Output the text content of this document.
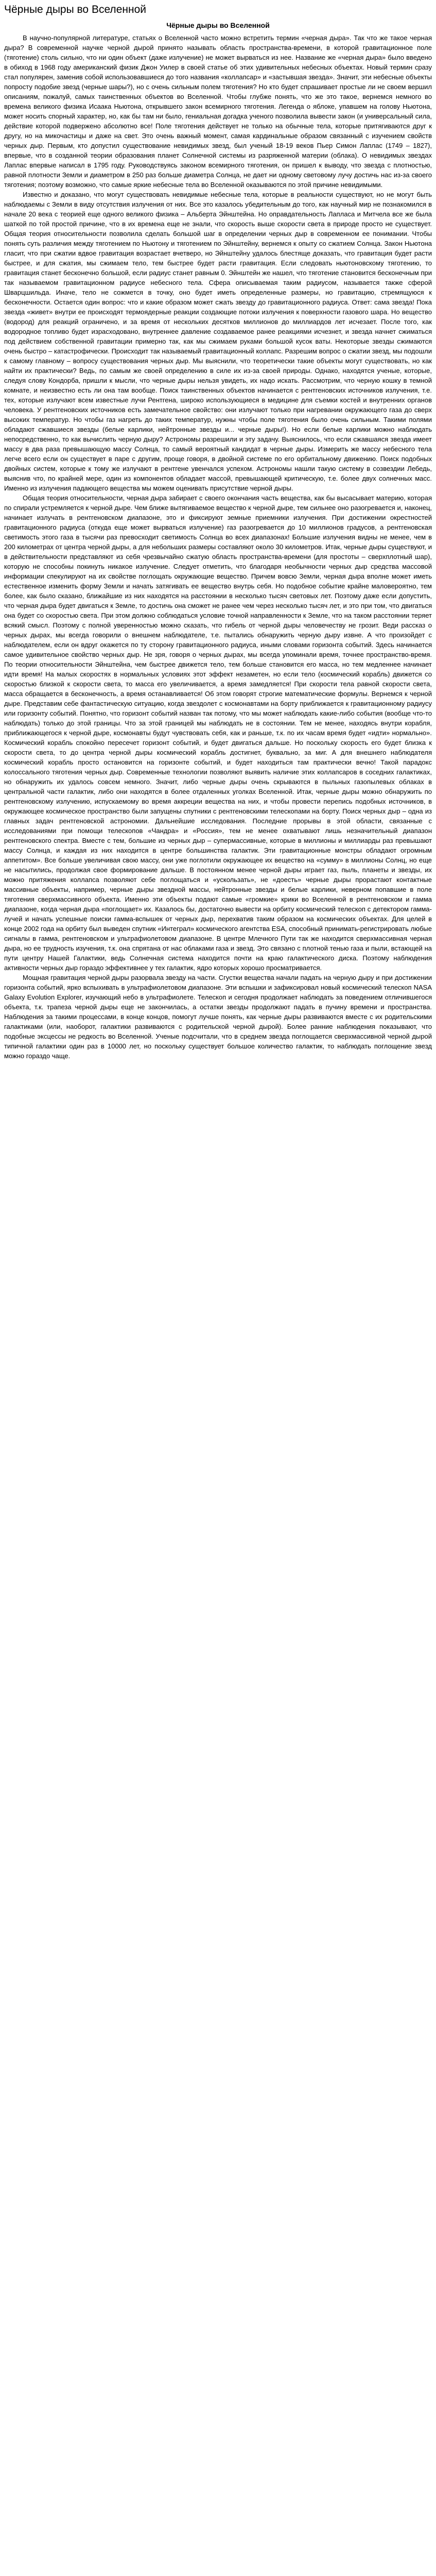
Чёрные дыры во Вселенной
Чёрные дыры во Вселенной

В научно-популярной литературе, статьях о Вселенной часто можно встретить термин «черная дыра». Так что же такое черная дыра? В современной научке черной дырой принято называть область пространства-времени, в которой гравитационное поле (тяготение) столь сильно, что ни один объект (даже излучение) не может вырваться из нее. Название же «черная дыра» было введено в обиход в 1968 году американский физик Джон Уилер в своей статье об этих удивительных небесных объектах. Новый термин сразу стал популярен, заменив собой использовавшиеся до того названия «коллапсар» и «застывшая звезда». Значит, эти небесные объекты попросту подобие звезд (черные шары?), но с очень сильным полем тяготения? Но кто будет спрашивает простые ли не своем вершил описаниям, пожалуй, самых таинственных объектов во Вселенной. Чтобы глубже понять, что же это такое, вернемся немного во времена великого физика Исаака Ньютона, открывшего закон всемирного тяготения. Легенда о яблоке, упавшем на голову Ньютона, может носить спорный характер, но, как бы там ни было, гениальная догадка ученого позволила вывести закон (и универсальный сила, действие которой подвержено абсолютно все! Поле тяготения действует не только на обычные тела, которые притягиваются друг к другу, но на микочастицы и даже на свет. Это очень важный момент, самая кардинальные образом связанный с изучением свойств черных дыр. Первым, кто допустил существование невидимых звезд, был ученый 18-19 веков Пьер Симон Лаплас (1749 – 1827), впервые, что в созданной теории образования планет Солнечной системы из разряженной материи (облака). О невидимых звездах Лаплас впервые написал в 1795 году. Руководствуясь законом всемирного тяготения, он пришел к выводу, что звезда с плотностью, равной плотности Земли и диаметром в 250 раз больше диаметра Солнца, не дает ни одному световому лучу достичь нас из-за своего тяготения; поэтому возможно, что самые яркие небесные тела во Вселенной оказываются по этой причине невидимыми.

Известно и доказано, что могут существовать невидимые небесные тела, которые в реальности существуют, но не могут быть наблюдаемы с Земли в виду отсутствия излучения от них. Все это казалось убедительным до того, как научный мир не познакомился в начале 20 века с теорией еще одного великого физика – Альберта Эйнштейна. Но оправдательность Лапласа и Митчела все же была шаткой по той простой причине, что в их времена еще не знали, что скорость выше скорости света в природе просто не существует. Общая теория относительности позволила сделать большой шаг в определении черных дыр в современном ее понимании. Чтобы понять суть различия между тяготением по Ньютону и тяготением по Эйнштейну, вернемся к опыту со сжатием Солнца. Закон Ньютона гласит, что при сжатии вдвое гравитация возрастает вчетверо, но Эйнштейну удалось блестяще доказать, что гравитация будет расти быстрее, и для сжатия, мы сжимаем тело, тем быстрее будет расти гравитация. Если следовать ньютоновскому тяготению, то гравитация станет бесконечно большой, если радиус станет равным 0. Эйнштейн же нашел, что тяготение становится бесконечным при так называемом гравитационном радиусе небесного тела. Сфера описываемая таким радиусом, называется также сферой Шварцшильда. Иначе, тело не сожмется в точку, оно будет иметь определенные размеры, но гравитацию, стремящуюся к бесконечности. Остается один вопрос: что и какие образом может сжать звезду до гравитационного радиуса. Ответ: сама звезда! Пока звезда «живет» внутри ее происходят термоядерные реакции создающие потоки излучения к поверхности газового шара. Но вещество (водород) для реакций ограничено, и за время от нескольких десятков миллионов до миллиардов лет исчезает. После того, как водородное топливо будет израсходовано, внутреннее давление создаваемое ранее реакциями исчезнет, и звезда начнет сжиматься под действием собственной гравитации примерно так, как мы сжимаем руками большой кусок ваты. Некоторые звезды сжимаются очень быстро – катастрофически. Происходит так называемый гравитационный коллапс. Разрешим вопрос о сжатии звезд, мы подошли к самому главному – вопросу существования черных дыр. Мы выяснили, что теоретически такие объекты могут существовать, но как найти их практически? Ведь, по самым же своей определению в силе их из-за своей природы. Однако, находятся ученые, которые, следуя слову Кондорба, пришли к мысли, что черные дыры нельзя увидеть, их надо искать. Рассмотрим, что черную кошку в темной комнате, и неизвестно есть ли она там вообще. Поиск таинственных объектов начинается с рентгеновских источников излучения, т.е. тех, которые излучают всем известные лучи Рентгена, широко использующиеся в медицине для съемки костей и внутренних органов человека. У рентгеновских источников есть замечательное свойство: они излучают только при нагревании окружающего газа до сверх высоких температур. Но чтобы газ нагреть до таких температур, нужны чтобы поле тяготения было очень сильным. Такими полями обладают сжавшиеся звезды (белые карлики, нейтронные звезды и... черные дыры!). Но если белые карлики можно наблюдать непосредственно, то как вычислить черную дыру? Астрономы разрешили и эту задачу. Выяснилось, что если сжавшаяся звезда имеет массу в два раза превышающую массу Солнца, то самый вероятный кандидат в черные дыры. Измерить же массу небесного тела легче всего если он существует в паре с другим, проще говоря, в двойной системе по его орбитальному движению. Поиск подобных двойных систем, которые к тому же излучают в рентгене увенчался успехом. Астрономы нашли такую систему в созвездии Лебедь, выяснив что, по крайней мере, один из компонентов обладает массой, превышающей критическую, т.е. более двух солнечных масс. Именно из излучения падающего вещества мы можем оценивать присутствие черной дыры.

Общая теория относительности, черная дыра забирает с своего окончания часть вещества, как бы высасывает материю, которая по спирали устремляется к черной дыре. Чем ближе вытягиваемое вещество к черной дыре, тем сильнее оно разогревается и, наконец, начинает излучать в рентгеновском диапазоне, это и фиксируют земные приемники излучения. При достижении окрестностей гравитационного радиуса (откуда еще может вырваться излучение) газ разогревается до 10 миллионов градусов, а рентгеновская светимость этого газа в тысячи раз превосходит светимость Солнца во всех диапазонах! Большие излучения видны не менее, чем в 200 километрах от центра черной дыры, а для небольших размеры составляют около 30 километров. Итак, черные дыры существуют, и в действительности представляют из себя чрезвычайно сжатую область пространства-времени (для простоты – сверхплотный шар), которую не способны покинуть никакое излучение. Следует отметить, что благодаря необычности черных дыр средства массовой информации спекулируют на их свойстве поглощать окружающие вещество. Причем вовсю Земли, черная дыра вполне может иметь естественное изменить форму Земли и начать затягивать ее вещество внутрь себя. Но подобное событие крайне маловероятно, тем более, как было сказано, ближайшие из них находятся на расстоянии в несколько тысяч световых лет. Поэтому даже если допустить, что черная дыра будет двигаться к Земле, то достичь она сможет не ранее чем через несколько тысяч лет, и это при том, что двигаться она будет со скоростью света. При этом должно соблюдаться условие точной направленности к Земле, что на таком расстоянии теряет всякий смысл. Поэтому с полной уверенностью можно сказать, что гибель от черной дыры человечеству не грозит. Веди рассказ о черных дырах, мы всегда говорили о внешнем наблюдателе, т.е. пытались обнаружить черную дыру извне. А что произойдет с наблюдателем, если он вдруг окажется по ту сторону гравитационного радиуса, иными словами горизонта событий. Здесь начинается самое удивительное свойство черных дыр. Не зря, говоря о черных дырах, мы всегда упоминали время, точнее пространство-время. По теории относительности Эйнштейна, чем быстрее движется тело, тем больше становится его масса, но тем медленнее начинает идти время! На малых скоростях в нормальных условиях этот эффект незаметен, но если тело (космический корабль) движется со скоростью близкой к скорости света, то масса его увеличивается, а время замедляется! При скорости тела равной скорости света, масса обращается в бесконечность, а время останавливается! Об этом говорят строгие математические формулы. Вернемся к черной дыре. Представим себе фантастическую ситуацию, когда звездолет с космонавтами на борту приближается к гравитационному радиусу или горизонту событий. Понятно, что горизонт событий назван так потому, что мы может наблюдать какие-либо события (вообще что-то наблюдать) только до этой границы. Что за этой границей мы наблюдать не в состоянии. Тем не менее, находясь внутри корабля, приближающегося к черной дыре, космонавты будут чувствовать себя, как и раньше, т.к. по их часам время будет «идти» нормально». Космический корабль спокойно пересечет горизонт событий, и будет двигаться дальше. Но поскольку скорость его будет близка к скорости света, то до центра черной дыры космический корабль достигнет, буквально, за миг. А для внешнего наблюдателя космический корабль просто остановится на горизонте событий, и будет находиться там практически вечно! Такой парадокс колоссального тяготения черных дыр. Современные технологии позволяют выявить наличие этих коллапсаров в соседних галактиках, но обнаружить их удалось совсем немного. Значит, либо черные дыры очень скрываются в пыльных газопылевых облаках в центральной части галактик, либо они находятся в более отдаленных уголках Вселенной. Итак, черные дыры можно обнаружить по рентгеновскому излучению, испускаемому во время аккреции вещества на них, и чтобы провести перепись подобных источников, в окружающее космическое пространство были запущены спутники с рентгеновскими телескопами на борту. Поиск черных дыр – одна из главных задач рентгеновской астрономии. Дальнейшие исследования. Последние прорывы в этой области, связанные с исследованиями при помощи телескопов «Чандра» и «Россия», тем не менее охватывают лишь незначительный диапазон рентгеновского спектра. Вместе с тем, большие из черных дыр – супермассивные, которые в миллионы и миллиарды раз превышают массу Солнца, и каждая из них находится в центре большинства галактик. Эти гравитационные монстры обладают огромным аппетитом». Все больше увеличивая свою массу, они уже поглотили окружающее их вещество на «сумму» в миллионы Солнц, но еще не насытились, продолжая свое формирование дальше. В постоянном менее черной дыры играет газ, пыль, планеты и звезды, их можно притяжения коллапса позволяют себе поглощаться и «ускользать», не «доесть» черные дыры прорастают контактные массивные объекты, например, черные дыры звездной массы, нейтронные звезды и белые карлики, неверном попавшие в поле тяготения сверхмассивного объекта. Именно эти объекты подают самые «громкие» крики во Вселенной в рентгеновском и гамма диапазоне, когда черная дыра «поглощает» их. Казалось бы, достаточно вывести на орбиту космический телескоп с детектором гамма-лучей и начать успешные поиски гамма-вспышек от черных дыр, перехватив таким образом на космических объектах. Для целей в конце 2002 года на орбиту был выведен спутник «Интеграл» космического агентства ESA, способный принимать-регистрировать любые сигналы в гамма, рентгеновском и ультрафиолетовом диапазоне. В центре Млечного Пути так же находится сверхмассивная черная дыра, но ее трудность изучения, т.к. она спрятана от нас облаками газа и звезд. Это связано с плотной тенью газа и пыли, встающей на пути центру Нашей Галактики, ведь Солнечная система находится почти на краю галактического диска. Поэтому наблюдения активности черных дыр гораздо эффективнее у тех галактик, ядро которых хорошо просматривается.

Мощная гравитация черной дыры разорвала звезду на части. Сгустки вещества начали падать на черную дыру и при достижении горизонта событий, ярко вспыхивать в ультрафиолетовом диапазоне. Эти вспышки и зафиксировал новый космический телескоп NASA Galaxy Evolution Explorer, изучающий небо в ультрафиолете. Телескоп и сегодня продолжает наблюдать за поведением отличившегося объекта, т.к. трапеза черной дыры еще не закончилась, а остатки звезды продолжают падать в пучину времени и пространства. Наблюдения за такими процессами, в конце концов, помогут лучше понять, как черные дыры развиваются вместе с их родительскими галактиками (или, наоборот, галактики развиваются с родительской черной дырой). Более ранние наблюдения показывают, что подобные эксцессы не редкость во Вселенной. Ученые подсчитали, что в среднем звезда поглощается сверхмассивной черной дырой типичной галактики один раз в 10000 лет, но поскольку существует большое количество галактик, то наблюдать поглощение звезд можно гораздо чаще.
